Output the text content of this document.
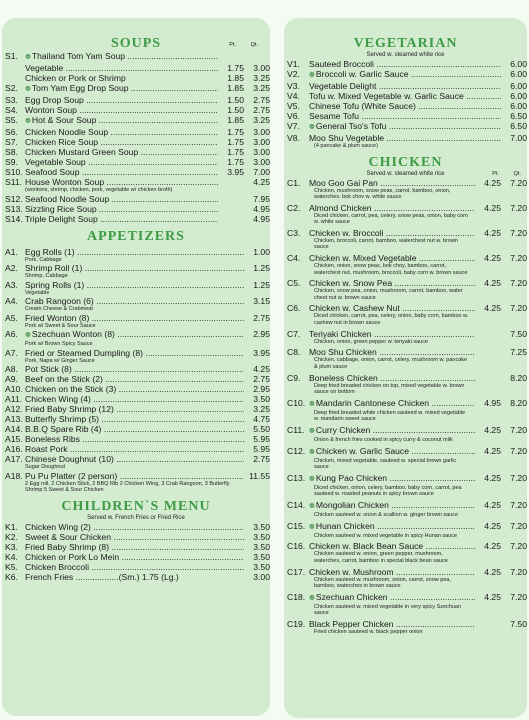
SOUPS	Pt.	Qt.
S1.	❁Thailand Tom Yam Soup .....
Vegetable .....	1.75	3.00
Chicken or Pork or Shrimp	1.85	3.25
S2.	❁Tom Yam Egg Drop Soup .....	1.85	3.25
S3. Egg Drop Soup .....	1.50	2.75
S4. Wonton Soup .....	1.50	2.75
S5.	❁Hot & Sour Soup .....	1.85	3.25
S6. Chicken Noodle Soup .....	1.75	3.00
S7. Chicken Rice Soup .....	1.75	3.00
S8. Chicken Mustard Green Soup .....	1.75	3.00
S9. Vegetable Soup .....	1.75	3.00
S10. Seafood Soup .....	3.95	7.00
S11. House Wonton Soup .....	4.25
(wontons, shrimp, chicken, pork, vegetable w/ chicken broth)
S12. Seafood Noodle Soup .....	7.95
S13. Sizzling Rice Soup .....	4.95
S14. Triple Delight Soup .....	4.95
APPETIZERS
A1. Egg Rolls (1) .....	1.00
Pork, Cabbage
A2. Shrimp Roll (1) .....	1.25
Shrimp, Cabbage
A3. Spring Rolls (1) .....	1.25
Vegetable
A4. Crab Rangoon (6) .....	3.15
Cream Cheese & Crabmeat
A5. Fried Wonton (8) .....	2.75
Pork w/ Sweet & Sour Sauce
A6.	❁Szechuan Wonton (8) .....	2.95
Pork w/ Brown Spicy Sauce
A7. Fried or Steamed Dumpling (8) .....	3.95
Pork, Napa w/ Ginger Sauce
A8. Pot Stick (8) .....	4.25
A9. Beef on the Stick (2) .....	2.75
A10. Chicken on the Stick (3) .....	2.95
A11. Chicken Wing (4) .....	3.50
A12. Fried Baby Shrimp (12) .....	3.25
A13. Butterfly Shrimp (5) .....	4.75
A14. B.B.Q Spare Rib (4) .....	5.50
A15. Boneless Ribs .....	5.95
A16. Roast Pork .....	5.95
A17. Chinese Doughnut (10) .....	2.75
Sugar Doughnut
A18. Pu Pu Platter (2 person) .....	11.55
2 Egg roll, 2 Chicken Stick, 2 BBQ Rib 2 Chicken Wing, 3 Crab Rangoon, 3 Butterfly Shrimp 5 Sweet & Sour Chicken
CHILDREN`S MENU
Served w. French Fries or Fried Rice
K1. Chicken Wing (2) .....	3.50
K2. Sweet & Sour Chicken .....	3.50
K3. Fried Baby Shrimp (8) .....	3.50
K4. Chicken or Pork Lo Mein .....	3.50
K5. Chicken Broccoli .....	3.50
K6. French Fries ..................(Sm.) 1.75 (Lg.)	3.00
VEGETARIAN
Served w. steamed white rice
V1.	Sauteed Broccoli .....	6.00
V2.	❁Broccoli w. Garlic Sauce .....	6.00
V3.	Vegetable Delight .....	6.00
V4.	Tofu w. Mixed Vegetable w. Garlic Sauce .....	6.00
V5.	Chinese Tofu (White Sauce) .....	6.00
V6.	Sesame Tofu .....	6.50
V7.	❁General Tso's Tofu .....	6.50
V8.	Moo Shu Vegetable .....	7.00
(4 pancake & plum sauce)
CHICKEN
Served w. steamed white rice	Pt.	Qt.
C1.	Moo Goo Gai Pan .....	4.25	7.20
Chicken, mushroom, snow peas, carrot, bamboo, onion, waterches. bok chov w. white sauce
C2.	Almond Chicken .....	4.25	7.20
Diced chicken, carrot, pea, celery, snow peas, onion, baby corn w. white sauce
C3.	Chicken w. Broccoli .....	4.25	7.20
Chicken, broccoli, carrot, bamboo, waterchest nut w. brown sauce
C4.	Chicken w. Mixed Vegetable .....	4.25	7.20
Chicken, onion, snow peas, bok choy, bamboo, carrot, waterchest nut, mushroom, broccoli, baby corn w. brown sauce
C5.	Chicken w. Snow Pea .....	4.25	7.20
Chicken, snow pea, onion, mushroom, carrot, bamboo, water chest nut w. brown sauce
C6.	Chicken w. Cashew Nut .....	4.25	7.20
Diced chicken, carrot, pea, celery, onion, baby corn, bamboo w. cashew nut in brown sauce
C7.	Teriyaki Chicken .....	7.50
Chicken, onion, green pepper w. teriyaki sauce
C8.	Moo Shu Chicken .....	7.25
Chicken, cabbage, onion, carrot, celery, mushroom w. pancake & plum sauce
C9.	Boneless Chicken .....	8.20
Deep fried breaded chicken on top, mixed vegetable w. brown sauce on bottom
C10. ❁Mandarin Cantonese Chicken .....	4.95	8.20
Deep fried breaded white chicken sauteed w. mixed vegetable w. mandarin sweet sauce
C11. ❁Curry Chicken .....	4.25	7.20
Onion & french fries cooked in spicy curry & coconut milk
C12. ❁Chicken w. Garlic Sauce .....	4.25	7.20
Chicken, mixed vegetable, sauteed w. special brown garlic sauce
C13. ❁Kung Pao Chicken .....	4.25	7.20
Diced chicken, onion, celery, bamboo, baby corn, carrot, pea sauteed w. roasted peanuts in spicy brown sauce
C14. ❁Mongolian Chicken .....	4.25	7.20
Chicken sauteed w. onion & scallion w. ginger brown sauce
C15. ❁Hunan Chicken .....	4.25	7.20
Chicken sauteed w. mixed vegetable in spicy Hunan sauce
C16. Chicken w. Black Bean Sauce .....	4.25	7.20
Chicken sauteed w. onion, green pepper, mushroom, waterches, carrot, bamboo in special black bean sauce
C17. Chicken w. Mushroom .....	4.25	7.20
Chicken sauteed w. mushroom, onion, carrot, snow pea, bamboo, waterches in brown sauce
C18. ❁Szechuan Chicken .....	4.25	7.20
Chicken sauteed w. mixed vegetable in very spicy Szechuan sauce
C19. Black Pepper Chicken .....	7.50
Fried chicken sauteed w. black pepper onion
